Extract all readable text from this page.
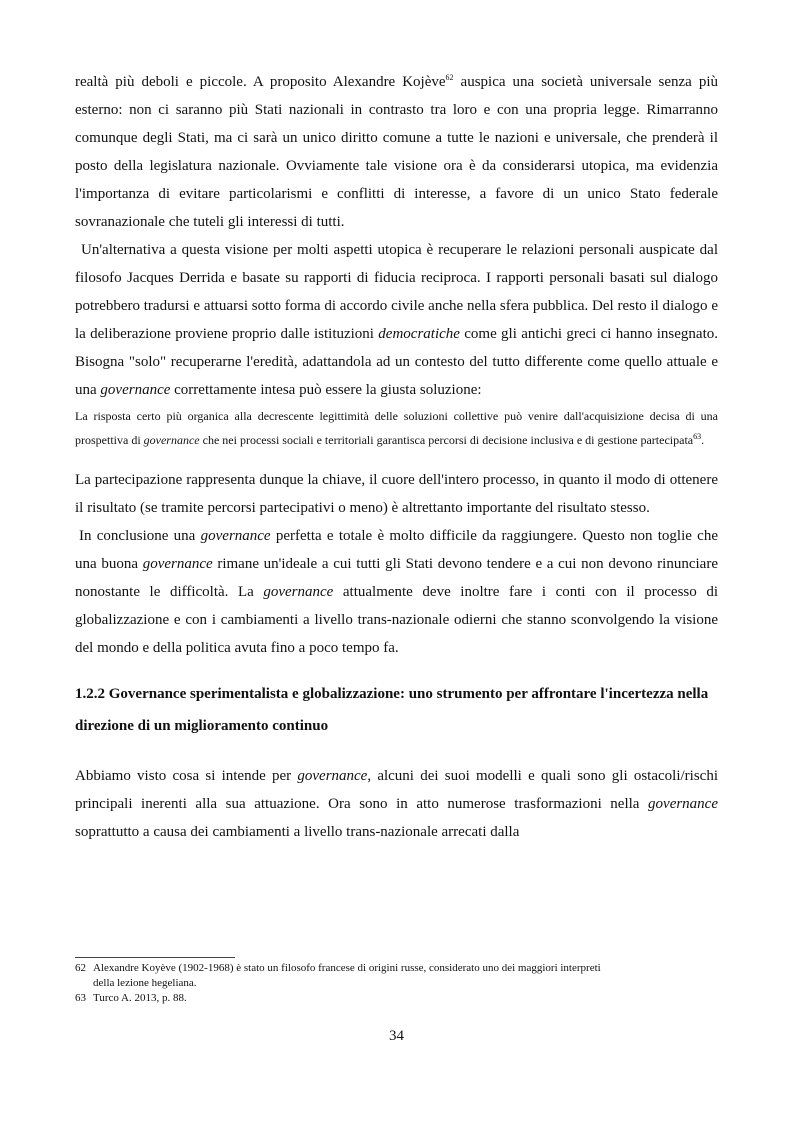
realtà più deboli e piccole. A proposito Alexandre Kojève$^{62}$ auspica una società universale senza più esterno: non ci saranno più Stati nazionali in contrasto tra loro e con una propria legge. Rimarranno comunque degli Stati, ma ci sarà un unico diritto comune a tutte le nazioni e universale, che prenderà il posto della legislatura nazionale. Ovviamente tale visione ora è da considerarsi utopica, ma evidenzia l'importanza di evitare particolarismi e conflitti di interesse, a favore di un unico Stato federale sovranazionale che tuteli gli interessi di tutti.

Un'alternativa a questa visione per molti aspetti utopica è recuperare le relazioni personali auspicate dal filosofo Jacques Derrida e basate su rapporti di fiducia reciproca. I rapporti personali basati sul dialogo potrebbero tradursi e attuarsi sotto forma di accordo civile anche nella sfera pubblica. Del resto il dialogo e la deliberazione proviene proprio dalle istituzioni democratiche come gli antichi greci ci hanno insegnato. Bisogna "solo" recuperarne l'eredità, adattandola ad un contesto del tutto differente come quello attuale e una governance correttamente intesa può essere la giusta soluzione:

La risposta certo più organica alla decrescente legittimità delle soluzioni collettive può venire dall'acquisizione decisa di una prospettiva di governance che nei processi sociali e territoriali garantisca percorsi di decisione inclusiva e di gestione partecipata$^{63}$.

La partecipazione rappresenta dunque la chiave, il cuore dell'intero processo, in quanto il modo di ottenere il risultato (se tramite percorsi partecipativi o meno) è altrettanto importante del risultato stesso.

In conclusione una governance perfetta e totale è molto difficile da raggiungere. Questo non toglie che una buona governance rimane un'ideale a cui tutti gli Stati devono tendere e a cui non devono rinunciare nonostante le difficoltà. La governance attualmente deve inoltre fare i conti con il processo di globalizzazione e con i cambiamenti a livello trans-nazionale odierni che stanno sconvolgendo la visione del mondo e della politica avuta fino a poco tempo fa.

1.2.2 Governance sperimentalista e globalizzazione: uno strumento per affrontare l'incertezza nella direzione di un miglioramento continuo

Abbiamo visto cosa si intende per governance, alcuni dei suoi modelli e quali sono gli ostacoli/rischi principali inerenti alla sua attuazione. Ora sono in atto numerose trasformazioni nella governance soprattutto a causa dei cambiamenti a livello trans-nazionale arrecati dalla

62 Alexandre Koyève (1902-1968) è stato un filosofo francese di origini russe, considerato uno dei maggiori interpreti

della lezione hegeliana.

63 Turco A. 2013, p. 88.

34
